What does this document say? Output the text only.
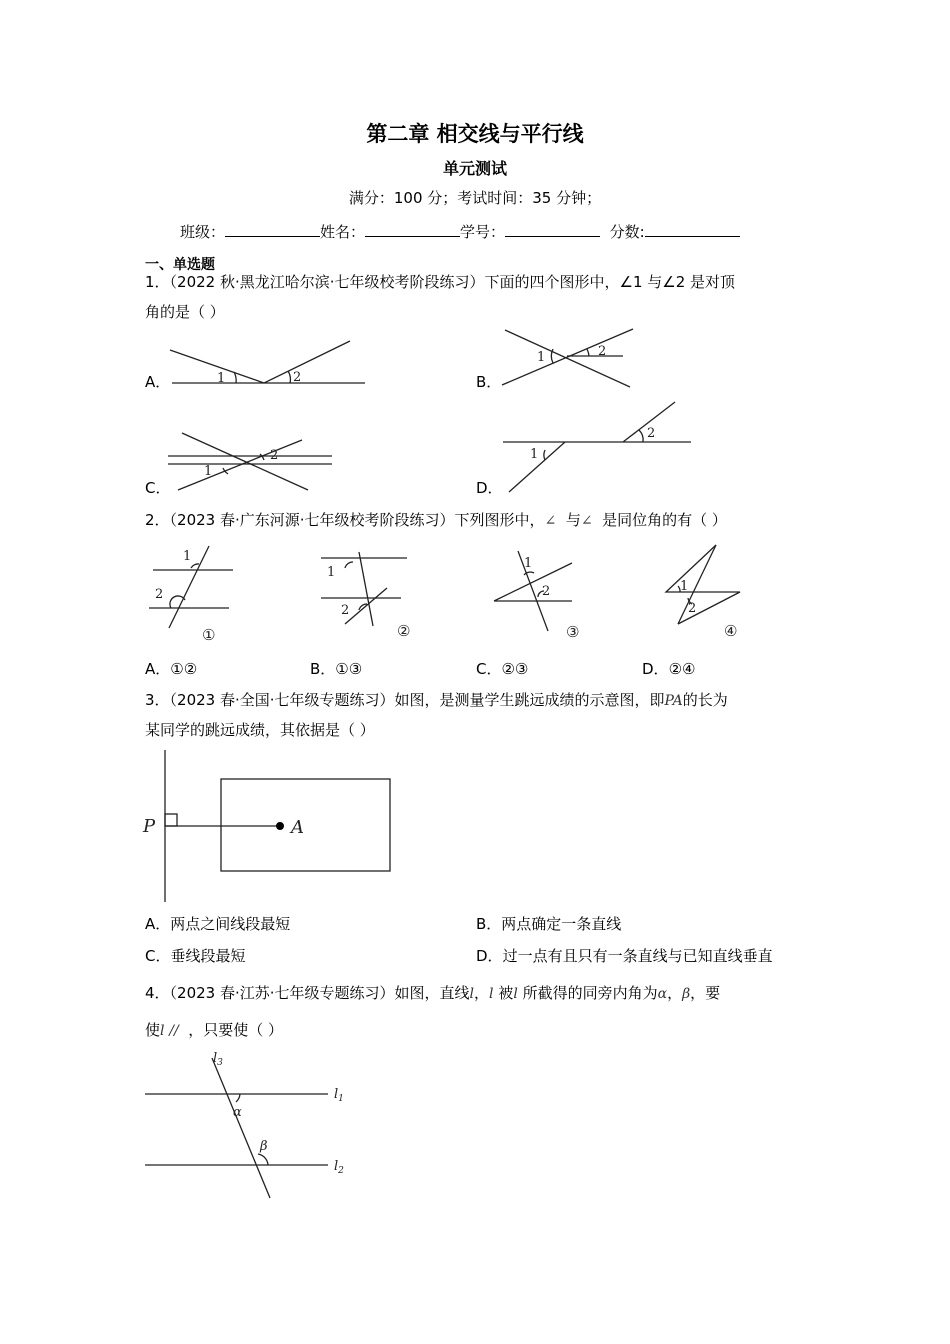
第二章 相交线与平行线
单元测试
满分：100 分；考试时间：35 分钟；
班级：	姓名：	学号：	分数:
一、单选题
1．（2022 秋·黑龙江哈尔滨·七年级校考阶段练习）下面的四个图形中，∠1 与∠2 是对顶
角的是（ ）
A．	1	2	B．
1	2
C．
1
2
D．
1
2
2．（2023 春·广东河源·七年级校考阶段练习）下列图形中，∠ 与∠ 是同位角的有（ ）
1
2
①
1
2
②
1
2
③
1
2
④
A．①②	B．①③	C．②③	D．②④
3．（2023 春·全国·七年级专题练习）如图，是测量学生跳远成绩的示意图，即PA的长为
某同学的跳远成绩，其依据是（ ）
P	A
A．两点之间线段最短	B．两点确定一条直线
C．垂线段最短	D．过一点有且只有一条直线与已知直线垂直
4．（2023 春·江苏·七年级专题练习）如图，直线l，l 被l 所截得的同旁内角为α，β，要
使l // ，只要使（ ）
$l_3$
$l_1$
$l_2$
α
β
